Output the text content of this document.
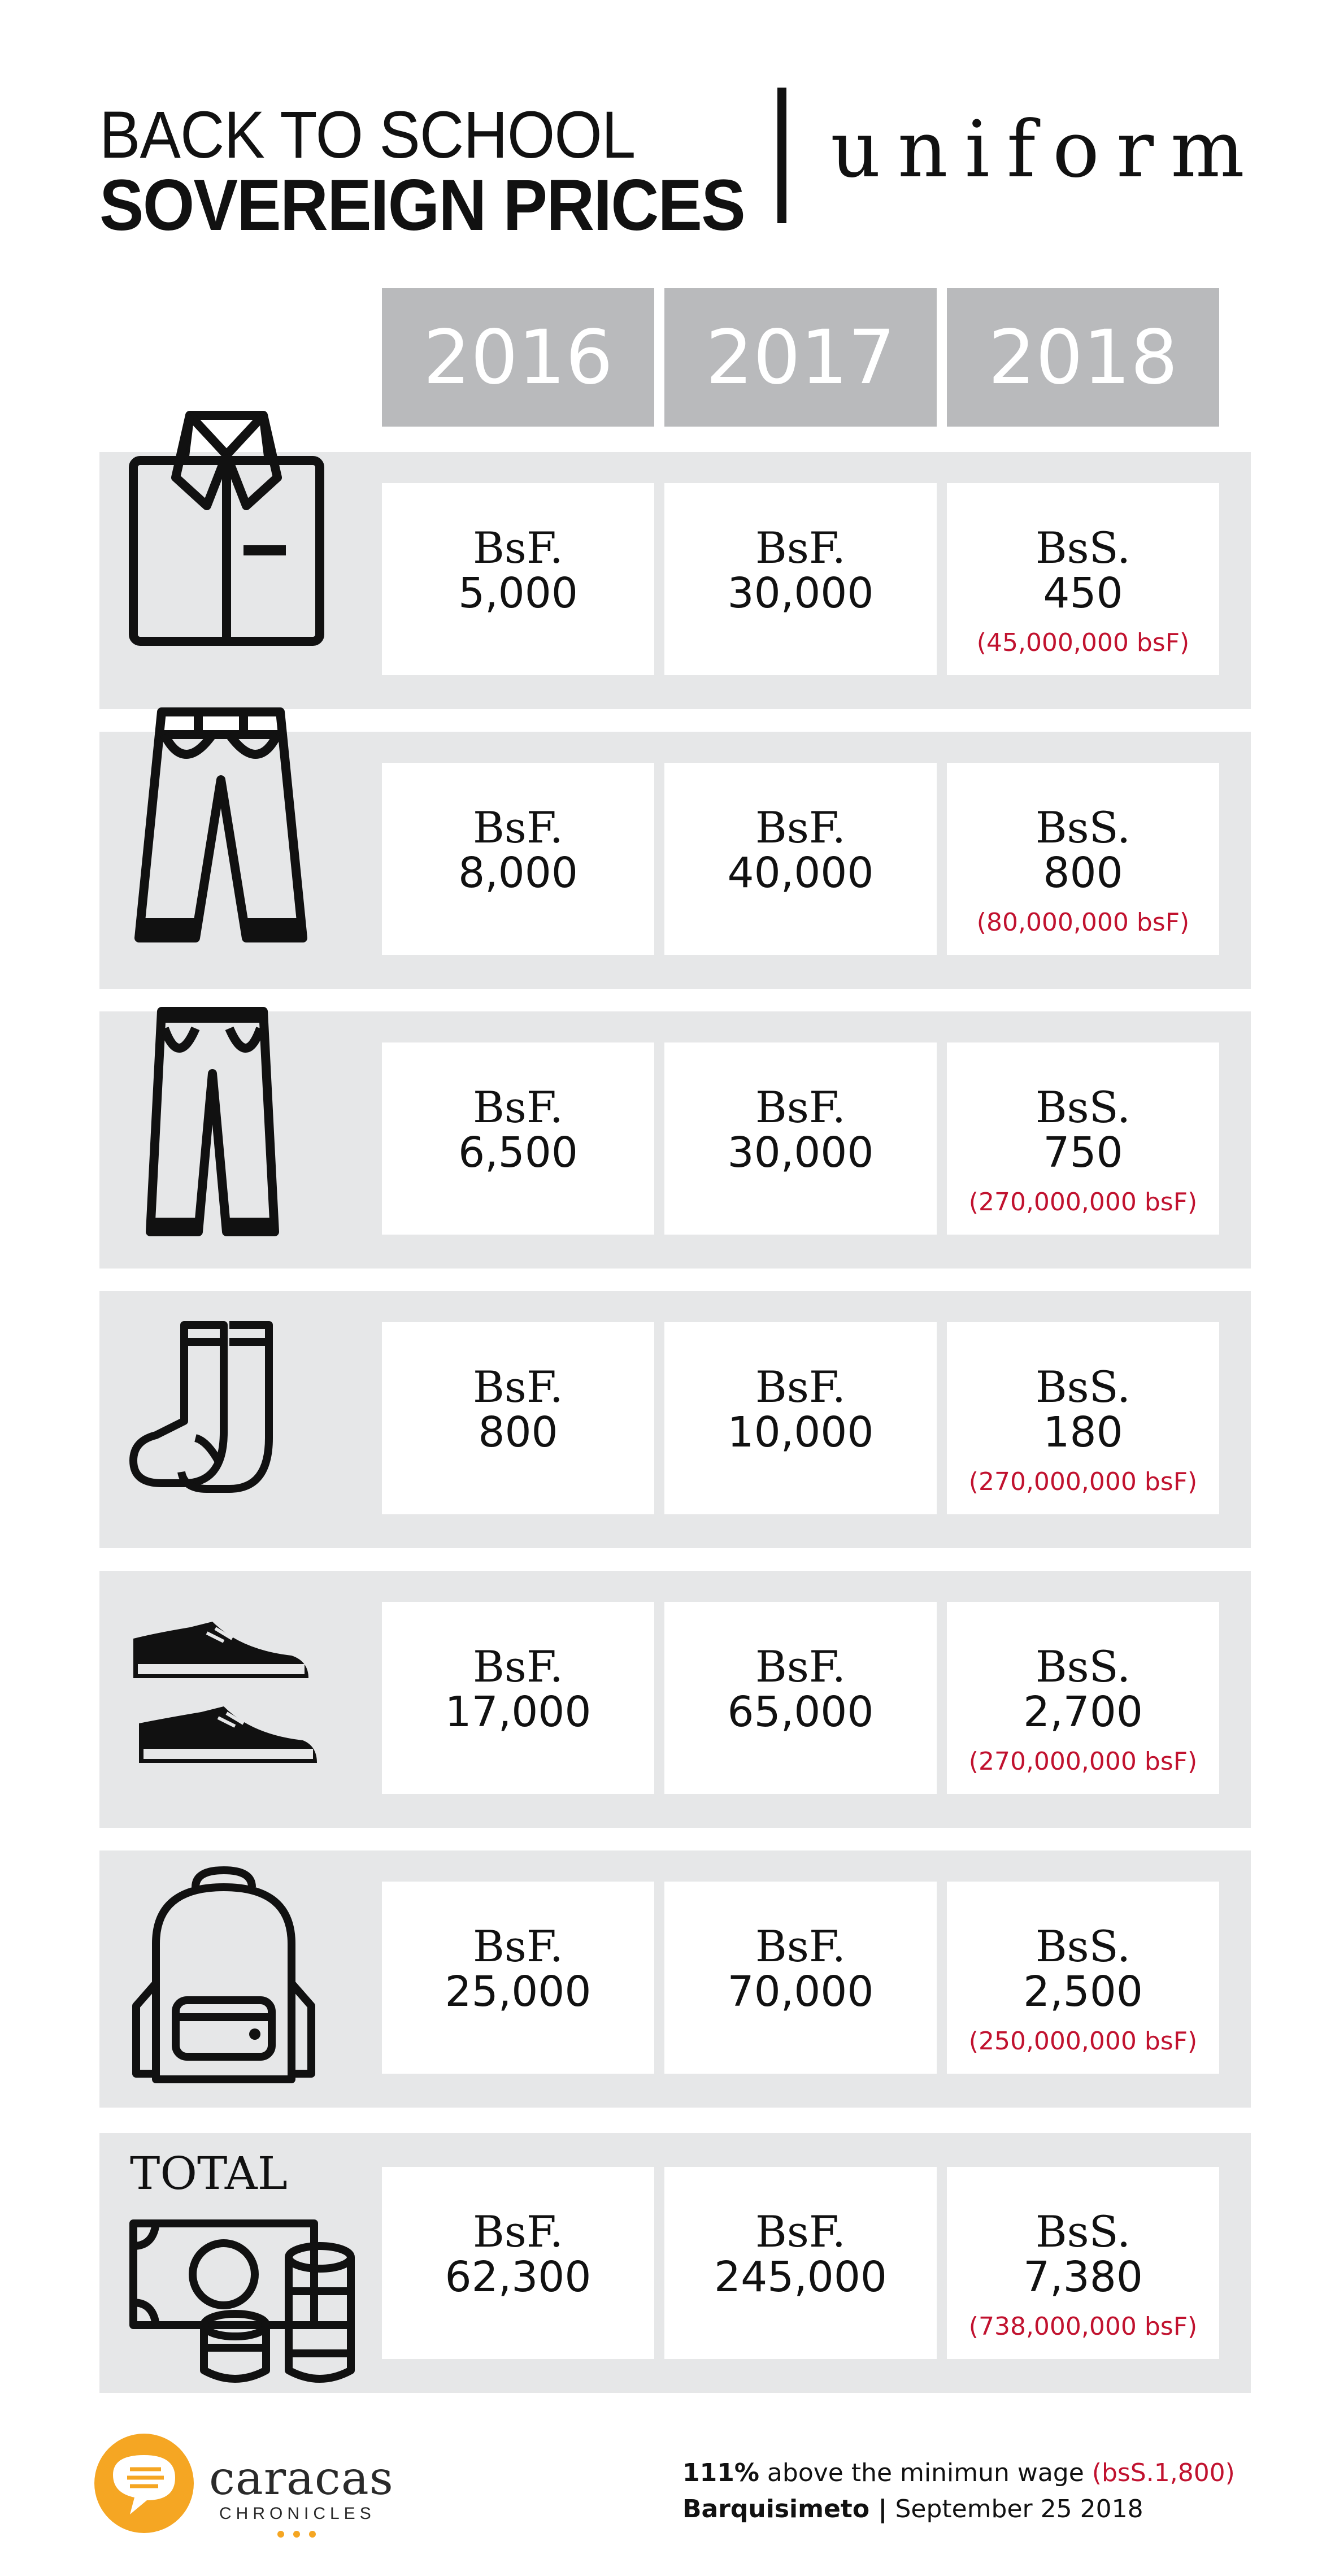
BACK TO SCHOOL
SOVEREIGN PRICES
uniform
2016	2017	2018
BsF.
5,000
BsF.
30,000
BsS.
450
(45,000,000 bsF)
BsF.
8,000
BsF.
40,000
BsS.
800
(80,000,000 bsF)
BsF.
6,500
BsF.
30,000
BsS.
750
(270,000,000 bsF)
BsF.
800
BsF.
10,000
BsS.
180
(270,000,000 bsF)
BsF.
17,000
BsF.
65,000
BsS.
2,700
(270,000,000 bsF)
BsF.
25,000
BsF.
70,000
BsS.
2,500
(250,000,000 bsF)
BsF.
62,300
BsF.
245,000
BsS.
7,380
(738,000,000 bsF)
TOTAL
caracas
CHRONICLES
111% above the minimun wage (bsS.1,800)
Barquisimeto | September 25 2018
